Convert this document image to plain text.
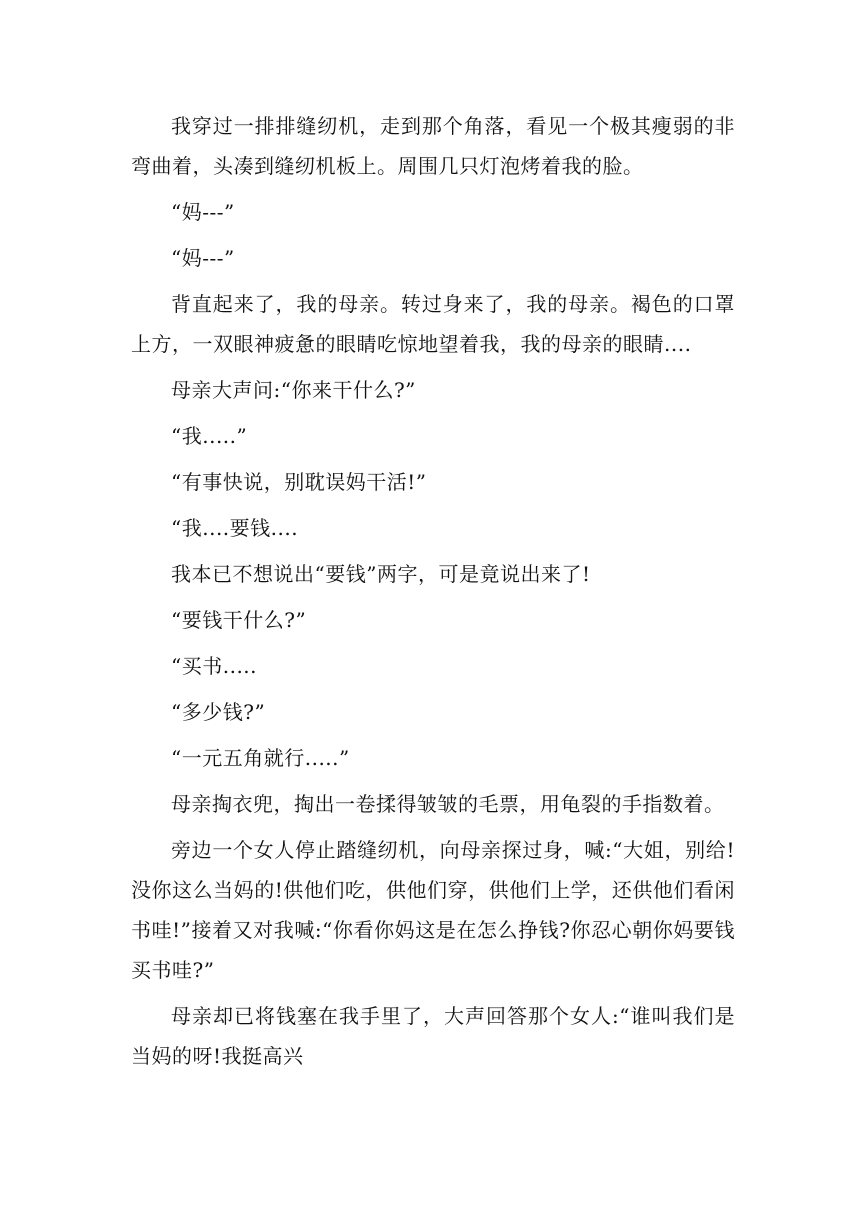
我穿过一排排缝纫机，走到那个角落，看见一个极其瘦弱的非弯曲着，头凑到缝纫机板上。周围几只灯泡烤着我的脸。

“妈---”

“妈---”

背直起来了，我的母亲。转过身来了，我的母亲。褐色的口罩上方，一双眼神疲惫的眼睛吃惊地望着我，我的母亲的眼睛....

母亲大声问:“你来干什么?”

“我.....”

“有事快说，别耽误妈干活!”

“我....要钱....

我本已不想说出“要钱”两字，可是竟说出来了!

“要钱干什么?”

“买书.....

“多少钱?”

“一元五角就行.....”

母亲掏衣兜，掏出一卷揉得皱皱的毛票，用龟裂的手指数着。

旁边一个女人停止踏缝纫机，向母亲探过身，喊:“大姐，别给!没你这么当妈的!供他们吃，供他们穿，供他们上学，还供他们看闲书哇!”接着又对我喊:“你看你妈这是在怎么挣钱?你忍心朝你妈要钱买书哇?”

母亲却已将钱塞在我手里了，大声回答那个女人:“谁叫我们是当妈的呀!我挺高兴
